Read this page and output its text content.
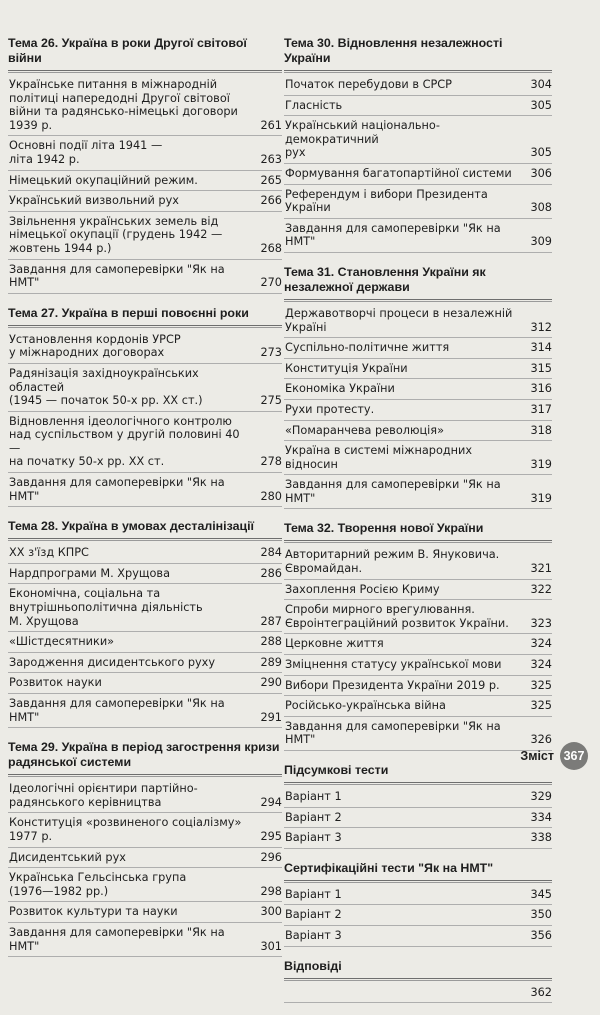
Тема 26. Україна в роки Другої світової війни
Українське питання в міжнародній
політиці напередодні Другої світової
війни та радянсько-німецькі договори
1939 р.	261
Основні події літа 1941 —
літа 1942 р.	263
Німецький окупаційний режим.	265
Український визвольний рух	266
Звільнення українських земель від
німецької окупації (грудень 1942 —
жовтень 1944 р.)	268
Завдання для самоперевірки "Як на НМТ"	270
Тема 27. Україна в перші повоєнні роки
Установлення кордонів УРСР
у міжнародних договорах	273
Радянізація західноукраїнських областей
(1945 — початок 50-х рр. XX ст.)	275
Відновлення ідеологічного контролю
над суспільством у другій половині 40 —
на початку 50-х рр. XX ст.	278
Завдання для самоперевірки "Як на НМТ"	280
Тема 28. Україна в умовах десталінізації
XX з'їзд КПРС	284
Нардпрограми М. Хрущова	286
Економічна, соціальна та
внутрішньополітична діяльність
М. Хрущова	287
«Шістдесятники»	288
Зародження дисидентського руху	289
Розвиток науки	290
Завдання для самоперевірки "Як на НМТ"	291
Тема 29. Україна в період загострення кризи радянської системи
Ідеологічні орієнтири партійно-
радянського керівництва	294
Конституція «розвиненого соціалізму»
1977 р.	295
Дисидентський рух	296
Українська Гельсінська група
(1976—1982 рр.)	298
Розвиток культури та науки	300
Завдання для самоперевірки "Як на НМТ"	301
Тема 30. Відновлення незалежності України
Початок перебудови в СРСР	304
Гласність	305
Український національно-демократичний
рух	305
Формування багатопартійної системи	306
Референдум і вибори Президента
України	308
Завдання для самоперевірки "Як на НМТ"	309
Тема 31. Становлення України як незалежної держави
Державотворчі процеси в незалежній
Україні	312
Суспільно-політичне життя	314
Конституція України	315
Економіка України	316
Рухи протесту.	317
«Помаранчева революція»	318
Україна в системі міжнародних відносин	319
Завдання для самоперевірки "Як на НМТ"	319
Тема 32. Творення нової України
Авторитарний режим В. Януковича.
Євромайдан.	321
Захоплення Росією Криму	322
Спроби мирного врегулювання.
Євроінтеграційний розвиток України.	323
Церковне життя	324
Зміцнення статусу української мови	324
Вибори Президента України 2019 р.	325
Російсько-українська війна	325
Завдання для самоперевірки "Як на НМТ"	326
Підсумкові тести
Варіант 1	329
Варіант 2	334
Варіант 3	338
Сертифікаційні тести "Як на НМТ"
Варіант 1	345
Варіант 2	350
Варіант 3	356
Відповіді
362
Зміст 367
